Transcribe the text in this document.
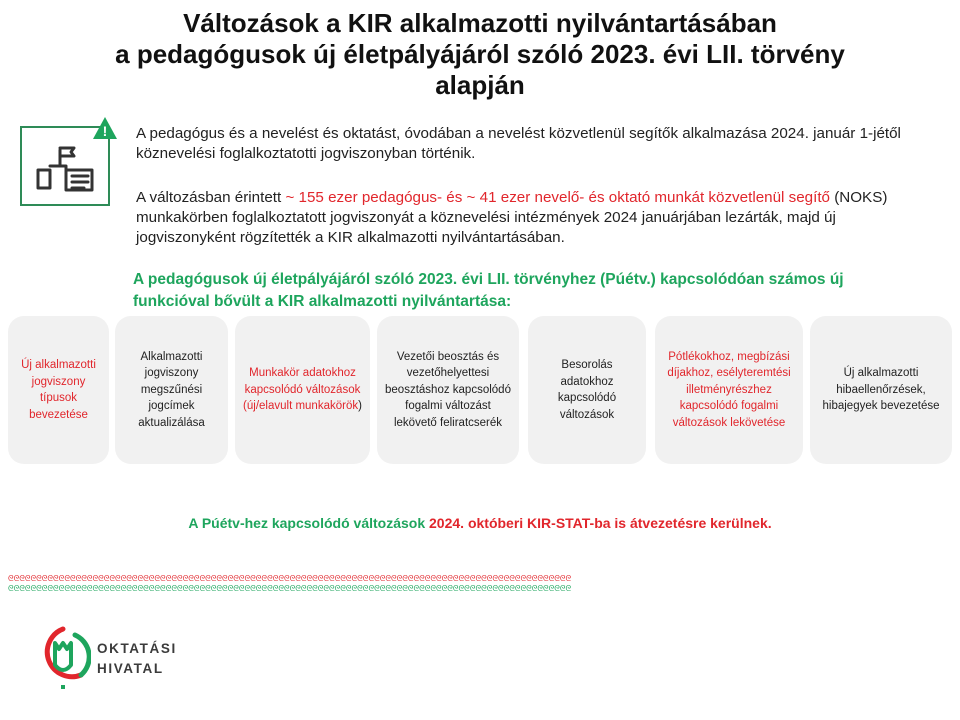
Változások a KIR alkalmazotti nyilvántartásában
a pedagógusok új életpályájáról szóló 2023. évi LII. törvény
alapján
! A pedagógus és a nevelést és oktatást, óvodában a nevelést közvetlenül segítők alkalmazása 2024. január 1-jétől köznevelési foglalkoztatotti jogviszonyban történik.

A változásban érintett ~ 155 ezer pedagógus- és ~ 41 ezer nevelő- és oktató munkát közvetlenül segítő (NOKS) munkakörben foglalkoztatott jogviszonyát a köznevelési intézmények 2024 januárjában lezárták, majd új jogviszonyként rögzítették a KIR alkalmazotti nyilvántartásában.

A pedagógusok új életpályájáról szóló 2023. évi LII. törvényhez (Púétv.) kapcsolódóan számos új funkcióval bővült a KIR alkalmazotti nyilvántartása:

Új alkalmazotti jogviszony típusok bevezetése
Alkalmazotti jogviszony megszűnési jogcímek aktualizálása
Munkakör adatokhoz kapcsolódó változások (új/elavult munkakörök)
Vezetői beosztás és vezetőhelyettesi beosztáshoz kapcsolódó fogalmi változást lekövető feliratcserék
Besorolás adatokhoz kapcsolódó változások
Pótlékokhoz, megbízási díjakhoz, esélyteremtési illetményrészhez kapcsolódó fogalmi változások lekövetése
Új alkalmazotti hibaellenőrzések, hibajegyek bevezetése
A Púétv-hez kapcsolódó változások 2024. októberi KIR-STAT-ba is átvezetésre kerülnek.
ᘓᘓᘓᘓᘓᘓᘓᘓᘓᘓᘓᘓᘓᘓᘓᘓᘓᘓᘓᘓᘓᘓᘓᘓᘓᘓᘓᘓᘓᘓᘓᘓᘓᘓᘓᘓᘓᘓᘓᘓᘓᘓᘓᘓᘓᘓᘓᘓᘓᘓᘓᘓᘓᘓᘓᘓᘓᘓᘓᘓᘓᘓᘓᘓᘓᘓᘓᘓᘓᘓᘓᘓᘓᘓᘓᘓᘓᘓᘓᘓᘓᘓᘓᘓᘓᘓᘓᘓᘓᘓᘓᘓᘓᘓᘓᘓᘓᘓᘓᘓ
ᘓᘓᘓᘓᘓᘓᘓᘓᘓᘓᘓᘓᘓᘓᘓᘓᘓᘓᘓᘓᘓᘓᘓᘓᘓᘓᘓᘓᘓᘓᘓᘓᘓᘓᘓᘓᘓᘓᘓᘓᘓᘓᘓᘓᘓᘓᘓᘓᘓᘓᘓᘓᘓᘓᘓᘓᘓᘓᘓᘓᘓᘓᘓᘓᘓᘓᘓᘓᘓᘓᘓᘓᘓᘓᘓᘓᘓᘓᘓᘓᘓᘓᘓᘓᘓᘓᘓᘓᘓᘓᘓᘓᘓᘓᘓᘓᘓᘓᘓᘓ
OKTATÁSI
HIVATAL
